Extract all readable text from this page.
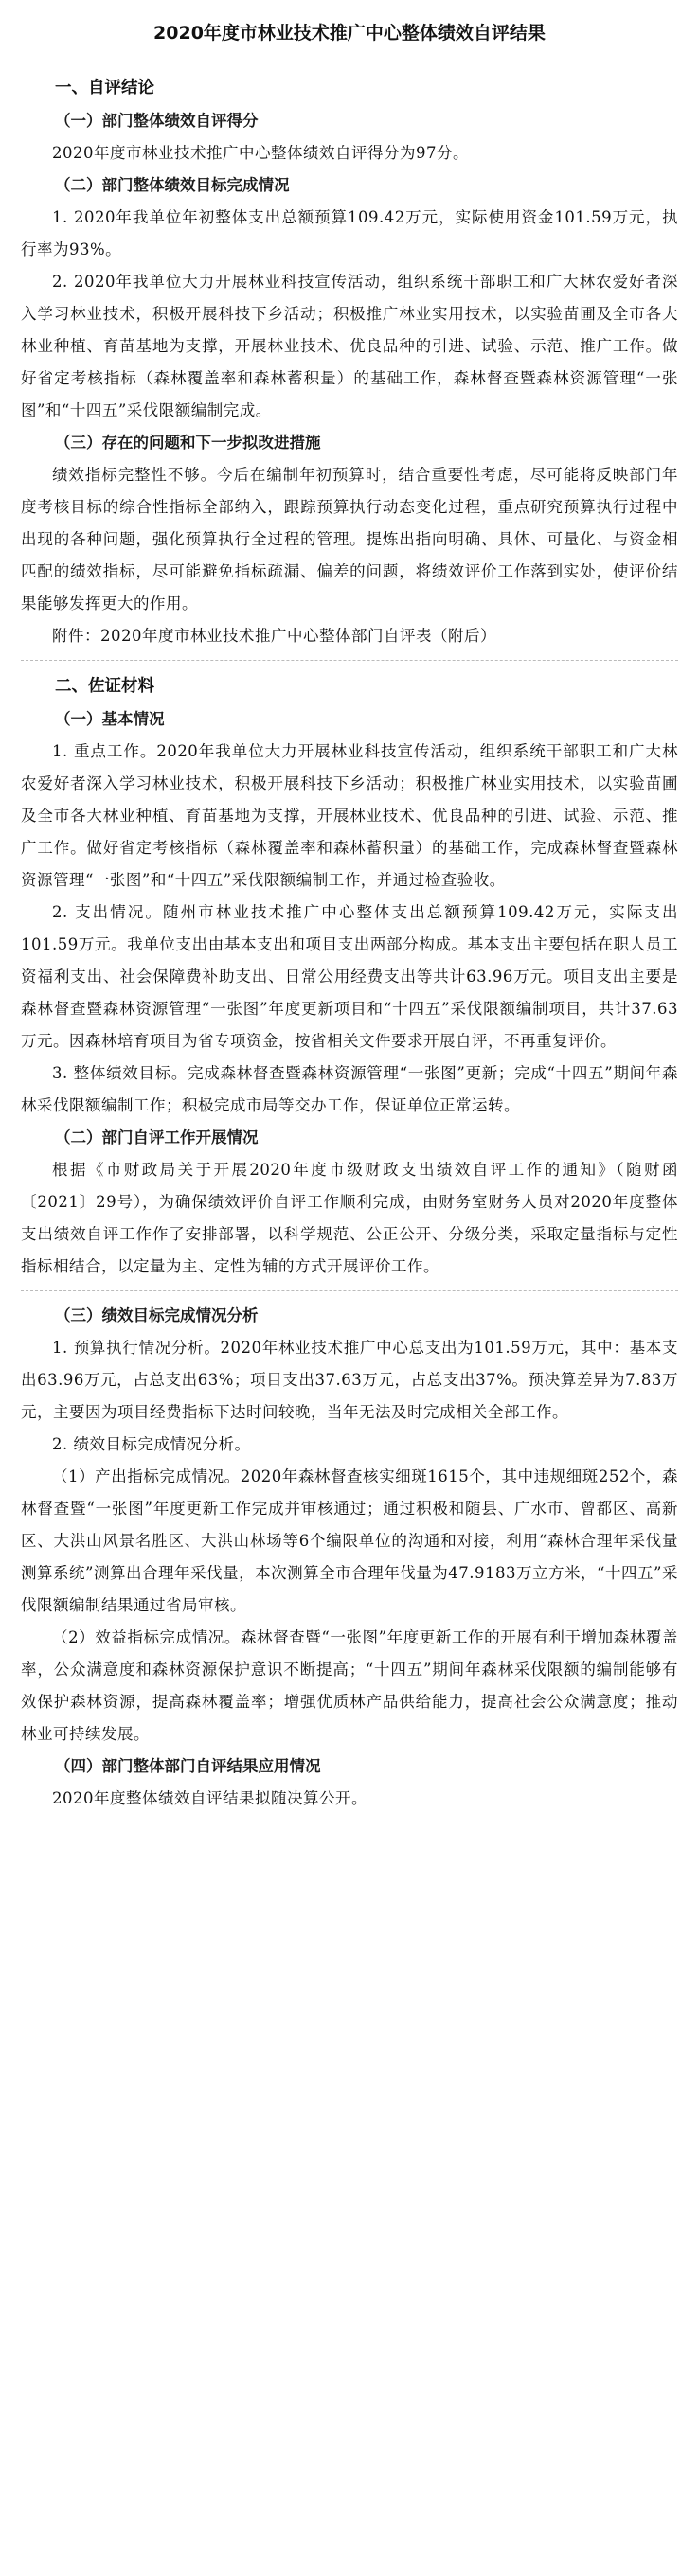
2020年度市林业技术推广中心整体绩效自评结果
一、自评结论
（一）部门整体绩效自评得分

2020年度市林业技术推广中心整体绩效自评得分为97分。

（二）部门整体绩效目标完成情况

1. 2020年我单位年初整体支出总额预算109.42万元，实际使用资金101.59万元，执行率为93%。

2. 2020年我单位大力开展林业科技宣传活动，组织系统干部职工和广大林农爱好者深入学习林业技术，积极开展科技下乡活动；积极推广林业实用技术，以实验苗圃及全市各大林业种植、育苗基地为支撑，开展林业技术、优良品种的引进、试验、示范、推广工作。做好省定考核指标（森林覆盖率和森林蓄积量）的基础工作，森林督查暨森林资源管理“一张图”和“十四五”采伐限额编制完成。

（三）存在的问题和下一步拟改进措施

绩效指标完整性不够。今后在编制年初预算时，结合重要性考虑，尽可能将反映部门年度考核目标的综合性指标全部纳入，跟踪预算执行动态变化过程，重点研究预算执行过程中出现的各种问题，强化预算执行全过程的管理。提炼出指向明确、具体、可量化、与资金相匹配的绩效指标，尽可能避免指标疏漏、偏差的问题，将绩效评价工作落到实处，使评价结果能够发挥更大的作用。

附件：2020年度市林业技术推广中心整体部门自评表（附后）

二、佐证材料
（一）基本情况

1. 重点工作。2020年我单位大力开展林业科技宣传活动，组织系统干部职工和广大林农爱好者深入学习林业技术，积极开展科技下乡活动；积极推广林业实用技术，以实验苗圃及全市各大林业种植、育苗基地为支撑，开展林业技术、优良品种的引进、试验、示范、推广工作。做好省定考核指标（森林覆盖率和森林蓄积量）的基础工作，完成森林督查暨森林资源管理“一张图”和“十四五”采伐限额编制工作，并通过检查验收。

2. 支出情况。随州市林业技术推广中心整体支出总额预算109.42万元，实际支出101.59万元。我单位支出由基本支出和项目支出两部分构成。基本支出主要包括在职人员工资福利支出、社会保障费补助支出、日常公用经费支出等共计63.96万元。项目支出主要是森林督查暨森林资源管理“一张图”年度更新项目和“十四五”采伐限额编制项目，共计37.63万元。因森林培育项目为省专项资金，按省相关文件要求开展自评，不再重复评价。

3. 整体绩效目标。完成森林督查暨森林资源管理“一张图”更新；完成“十四五”期间年森林采伐限额编制工作；积极完成市局等交办工作，保证单位正常运转。

（二）部门自评工作开展情况

根据《市财政局关于开展2020年度市级财政支出绩效自评工作的通知》（随财函〔2021〕29号），为确保绩效评价自评工作顺利完成，由财务室财务人员对2020年度整体支出绩效自评工作作了安排部署，以科学规范、公正公开、分级分类，采取定量指标与定性指标相结合，以定量为主、定性为辅的方式开展评价工作。

（三）绩效目标完成情况分析

1. 预算执行情况分析。2020年林业技术推广中心总支出为101.59万元，其中：基本支出63.96万元，占总支出63%；项目支出37.63万元，占总支出37%。预决算差异为7.83万元，主要因为项目经费指标下达时间较晚，当年无法及时完成相关全部工作。

2. 绩效目标完成情况分析。

（1）产出指标完成情况。2020年森林督查核实细斑1615个，其中违规细斑252个，森林督查暨“一张图”年度更新工作完成并审核通过；通过积极和随县、广水市、曾都区、高新区、大洪山风景名胜区、大洪山林场等6个编限单位的沟通和对接，利用“森林合理年采伐量测算系统”测算出合理年采伐量，本次测算全市合理年伐量为47.9183万立方米，“十四五”采伐限额编制结果通过省局审核。

（2）效益指标完成情况。森林督查暨“一张图”年度更新工作的开展有利于增加森林覆盖率，公众满意度和森林资源保护意识不断提高；“十四五”期间年森林采伐限额的编制能够有效保护森林资源，提高森林覆盖率；增强优质林产品供给能力，提高社会公众满意度；推动林业可持续发展。

（四）部门整体部门自评结果应用情况

2020年度整体绩效自评结果拟随决算公开。
